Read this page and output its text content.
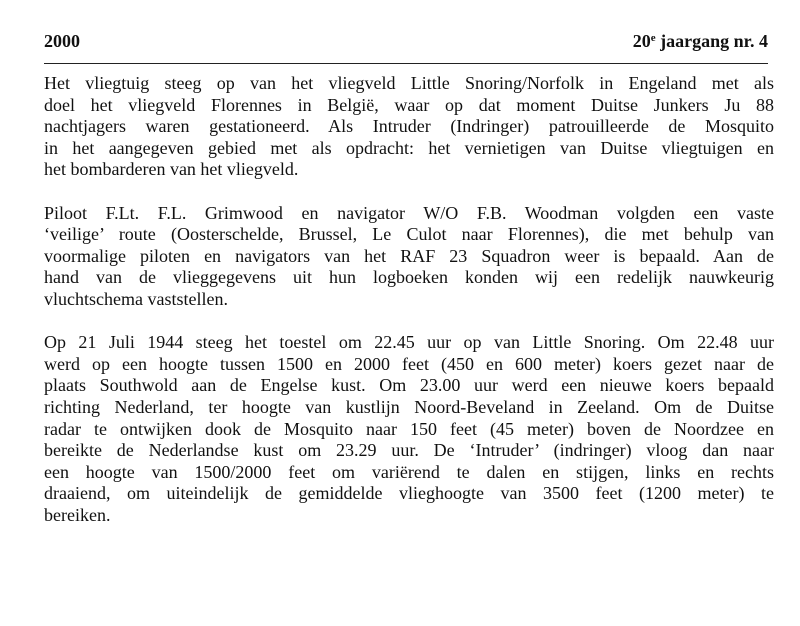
2000	20e jaargang nr. 4

Het vliegtuig steeg op van het vliegveld Little Snoring/Norfolk in Engeland met als
doel het vliegveld Florennes in België, waar op dat moment Duitse Junkers Ju 88
nachtjagers waren gestationeerd. Als Intruder (Indringer) patrouilleerde de Mosquito
in het aangegeven gebied met als opdracht: het vernietigen van Duitse vliegtuigen en
het bombarderen van het vliegveld.

Piloot F.Lt. F.L. Grimwood en navigator W/O F.B. Woodman volgden een vaste
‘veilige’ route (Oosterschelde, Brussel, Le Culot naar Florennes), die met behulp van
voormalige piloten en navigators van het RAF 23 Squadron weer is bepaald. Aan de
hand van de vlieggegevens uit hun logboeken konden wij een redelijk nauwkeurig
vluchtschema vaststellen.

Op 21 Juli 1944 steeg het toestel om 22.45 uur op van Little Snoring. Om 22.48 uur
werd op een hoogte tussen 1500 en 2000 feet (450 en 600 meter) koers gezet naar de
plaats Southwold aan de Engelse kust. Om 23.00 uur werd een nieuwe koers bepaald
richting Nederland, ter hoogte van kustlijn Noord-Beveland in Zeeland. Om de Duitse
radar te ontwijken dook de Mosquito naar 150 feet (45 meter) boven de Noordzee en
bereikte de Nederlandse kust om 23.29 uur. De ‘Intruder’ (indringer) vloog dan naar
een hoogte van 1500/2000 feet om variërend te dalen en stijgen, links en rechts
draaiend, om uiteindelijk de gemiddelde vlieghoogte van 3500 feet (1200 meter) te
bereiken.
